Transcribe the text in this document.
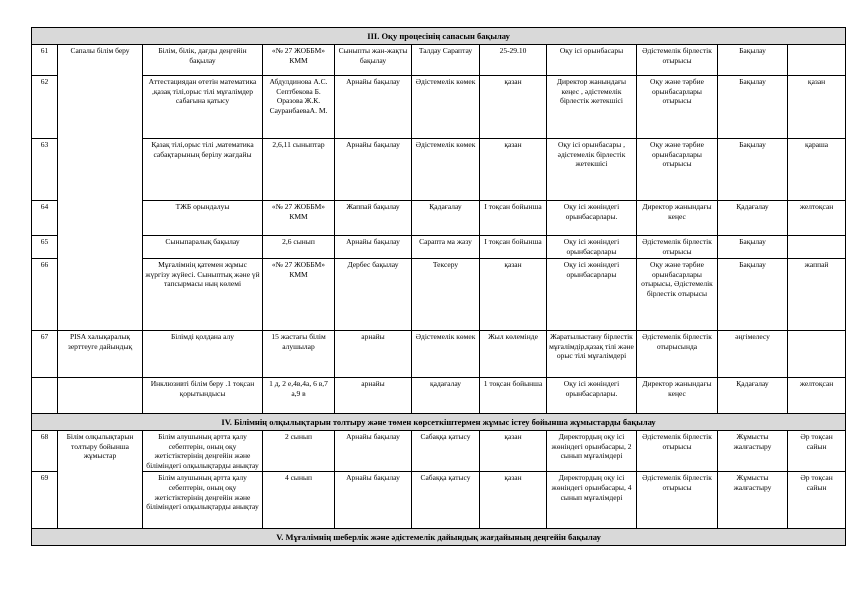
III. Оқу процесінің сапасын бақылау										
61	Сапалы білім беру	Білім, білік, дағды деңгейін бақылау	«№ 27 ЖОББМ» КММ	Сыныпты жан-жақты бақылау	Талдау Сараптау	25-29.10	Оқу ісі орынбасары	Әдістемелік бірлестік отырысы	Бақылау	
62		Аттестациядан өтетін математика ,қазақ тілі,орыс тілі мұғалімдер сабағына қатысу	Абдулдинова А.С. Септбекова Б. Оразова Ж.К. СауранбаеваА. М.	Арнайы бақылау	Әдістемелік көмек	қазан	Директор жанындағы кеңес , әдістемелік бірлестік жетекшісі	Оқу және тәрбие орынбасарлары отырысы	Бақылау	қазан
63		Қазақ тілі,орыс тілі ,математика сабақтарының берілу жағдайы	2,6,11 сыныптар	Арнайы бақылау	Әдістемелік көмек	қазан	Оқу ісі орынбасары , әдістемелік бірлестік жетекшісі	Оқу және тәрбие орынбасарлары отырысы	Бақылау	қараша
64		ТЖБ орындалуы	«№ 27 ЖОББМ» КММ	Жаппай бақылау	Қадағалау	I тоқсан бойынша	Оқу ісі жөніндегі орынбасарлары.	Директор жанындағы кеңес	Қадағалау	желтоқсан
65		Сыныпаралық бақылау	2,6 сынып	Арнайы бақылау	Сарапта ма жазу	I тоқсан бойынша	Оқу ісі жөніндегі орынбасарлары	Әдістемелік бірлестік отырысы	Бақылау	
66		Мұғалімнің қатемен жұмыс жүргізу жүйесі. Сыныптық және үй тапсырмасы ның көлемі	«№ 27 ЖОББМ» КММ	Дербес бақылау	Тексеру	қазан	Оқу ісі жөніндегі орынбасарлары	Оқу және тәрбие орынбасарлары отырысы, Әдістемелік бірлестік отырысы	Бақылау	жаппай
67	PISA халықаралық зерттеуге дайындық	Білімді қолдана алу	15 жастағы білім алушылар	арнайы	Әдістемелік көмек	Жыл көлемінде	Жаратылыстану бірлестік мұғалімдір,қазақ тілі және орыс тілі мұғалімдері	Әдістемелік бірлестік отырысында	әңгімелесу	
		Инклюзивті білім беру .1 тоқсан қорытындысы	1 д, 2 е,4в,4а, 6 в,7 а,9 в	арнайы	қадағалау	1 тоқсан бойынша	Оқу ісі жөніндегі орынбасарлары.	Директор жанындағы кеңес	Қадағалау	желтоқсан
IV. Білімнің олқылықтарын толтыру және төмен көрсеткіштермен жұмыс істеу бойынша жұмыстарды бақылау										
68	Білім олқылықтарын толтыру бойынша жұмыстар	Білім алушының артта қалу себептерін, оның оқу жетістіктерінің деңгейін және біліміндегі олқылықтарды анықтау	2 сынып	Арнайы бақылау	Сабаққа қатысу	қазан	Директордың оқу ісі жөніндегі орынбасары, 2 сынып мұғалімдері	Әдістемелік бірлестік отырысы	Жұмысты жалғастыру	Әр тоқсан сайын
69		Білім алушының артта қалу себептерін, оның оқу жетістіктерінің деңгейін және біліміндегі олқылықтарды анықтау	4 сынып	Арнайы бақылау	Сабаққа қатысу	қазан	Директордың оқу ісі жөніндегі орынбасары, 4 сынып мұғалімдері	Әдістемелік бірлестік отырысы	Жұмысты жалғастыру	Әр тоқсан сайын
V. Мұғалімнің шеберлік және әдістемелік дайындық жағдайының деңгейін бақылау										
